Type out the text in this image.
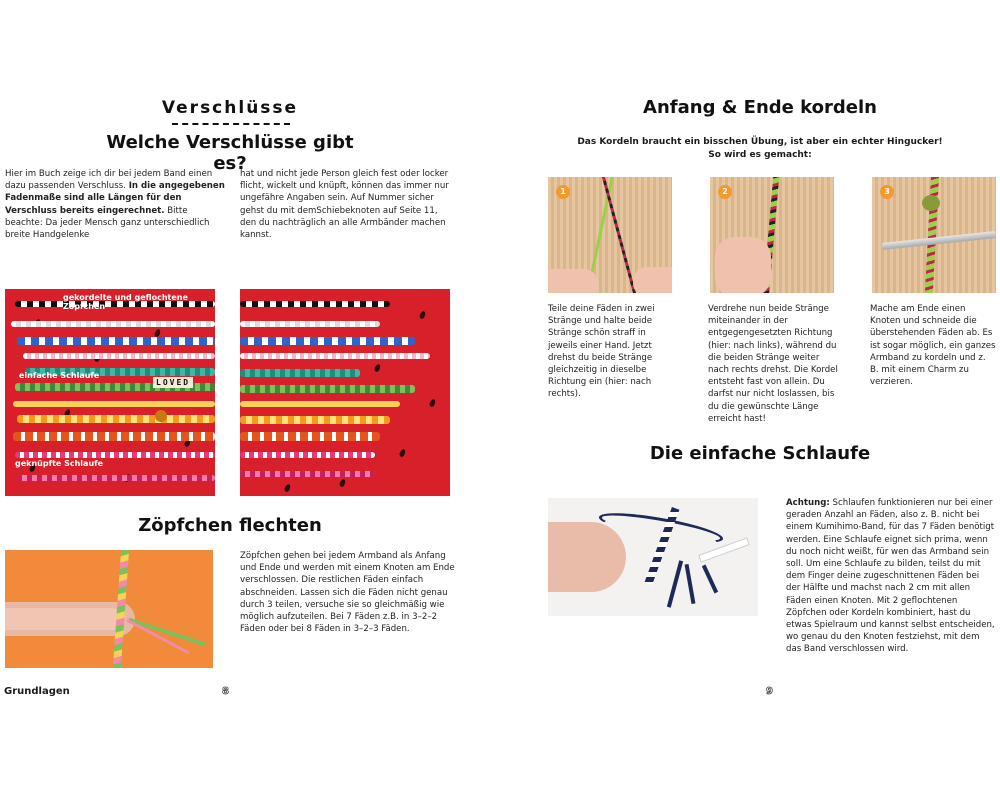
Verschlüsse
Welche Verschlüsse gibt es?
Hier im Buch zeige ich dir bei jedem Band einen dazu passenden Verschluss. In die angegebenen Fadenmaße sind alle Längen für den Verschluss bereits eingerechnet. Bitte beachte: Da jeder Mensch ganz unterschiedlich breite Handgelenke
hat und nicht jede Person gleich fest oder locker flicht, wickelt und knüpft, können das immer nur ungefähre Angaben sein. Auf Nummer sicher gehst du mit demSchiebeknoten auf Seite 11, den du nachträglich an alle Armbänder machen kannst.
LOVED
gekordelte und geflochtene Zöpfchen
einfache Schlaufe
geknüpfte Schlaufe
Zöpfchen flechten
Zöpfchen gehen bei jedem Armband als Anfang und Ende und werden mit einem Knoten am Ende verschlossen. Die restlichen Fäden einfach abschneiden. Lassen sich die Fäden nicht genau durch 3 teilen, versuche sie so gleichmäßig wie möglich aufzuteilen. Bei 7 Fäden z.B. in 3–2–2 Fäden oder bei 8 Fäden in 3–2–3 Fäden.
Grundlagen	8
Anfang & Ende kordeln
Das Kordeln braucht ein bisschen Übung, ist aber ein echter Hingucker!
So wird es gemacht:
1
Teile deine Fäden in zwei Stränge und halte beide Stränge schön straff in jeweils einer Hand. Jetzt drehst du beide Stränge gleichzeitig in dieselbe Richtung ein (hier: nach rechts).
2
Verdrehe nun beide Stränge miteinander in der entgegengesetzten Richtung (hier: nach links), während du die beiden Stränge weiter nach rechts drehst. Die Kordel entsteht fast von allein. Du darfst nur nicht loslassen, bis du die gewünschte Länge erreicht hast!
3
Mache am Ende einen Knoten und schneide die überstehenden Fäden ab. Es ist sogar möglich, ein ganzes Armband zu kordeln und z. B. mit einem Charm zu verzieren.
Die einfache Schlaufe
Achtung: Schlaufen funktionieren nur bei einer geraden Anzahl an Fäden, also z. B. nicht bei einem Kumihimo-Band, für das 7 Fäden benötigt werden. Eine Schlaufe eignet sich prima, wenn du noch nicht weißt, für wen das Armband sein soll. Um eine Schlaufe zu bilden, teilst du mit dem Finger deine zugeschnittenen Fäden bei der Hälfte und machst nach 2 cm mit allen Fäden einen Knoten. Mit 2 geflochtenen Zöpfchen oder Kordeln kombiniert, hast du etwas Spielraum und kannst selbst entscheiden, wo genau du den Knoten festziehst, mit dem das Band verschlossen wird.
9
